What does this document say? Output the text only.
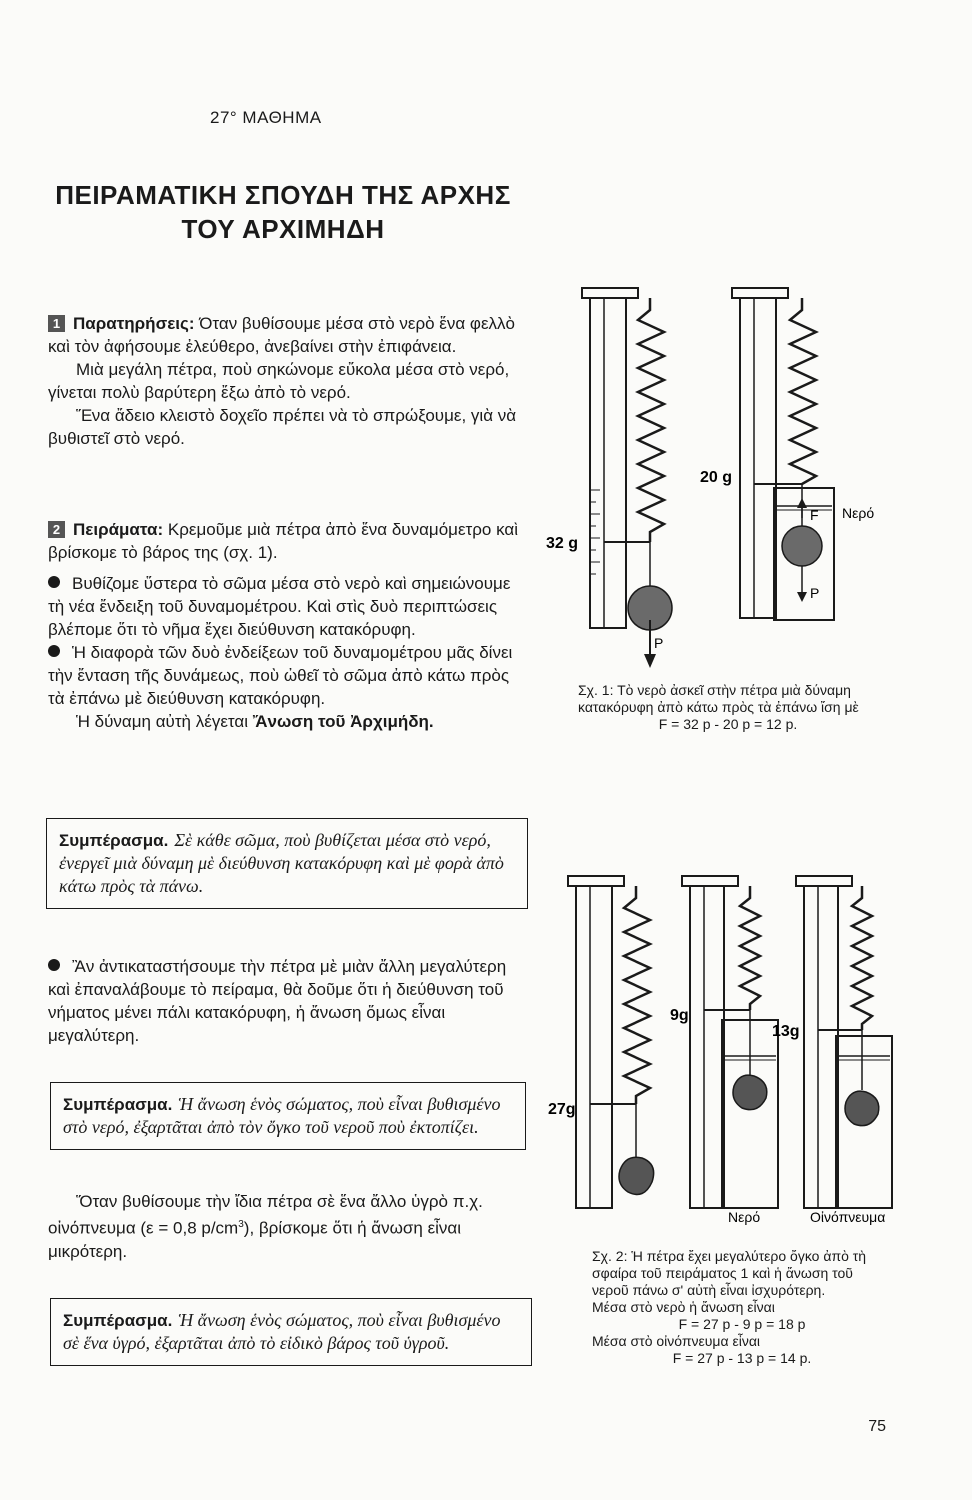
27° ΜΑΘΗΜΑ
ΠΕΙΡΑΜΑΤΙΚΗ ΣΠΟΥΔΗ ΤΗΣ ΑΡΧΗΣ
ΤΟΥ ΑΡΧΙΜΗΔΗ

1 Παρατηρήσεις: Όταν βυθίσουμε μέσα στὸ νερὸ ἕνα φελλὸ καὶ τὸν ἀφήσουμε ἐλεύθερο, ἀνεβαίνει στὴν ἐπιφάνεια.

Μιὰ μεγάλη πέτρα, ποὺ σηκώνομε εὔκολα μέσα στὸ νερό, γίνεται πολὺ βαρύτερη ἔξω ἀπὸ τὸ νερό.

Ἕνα ἄδειο κλειστὸ δοχεῖο πρέπει νὰ τὸ σπρώξουμε, γιὰ νὰ βυθιστεῖ στὸ νερό.

2 Πειράματα: Κρεμοῦμε μιὰ πέτρα ἀπὸ ἕνα δυναμόμετρο καὶ βρίσκομε τὸ βάρος της (σχ. 1).

Βυθίζομε ὕστερα τὸ σῶμα μέσα στὸ νερὸ καὶ σημειώνουμε τὴ νέα ἔνδειξη τοῦ δυναμομέτρου. Καὶ στὶς δυὸ περιπτώσεις βλέπομε ὅτι τὸ νῆμα ἔχει διεύθυνση κατακόρυφη.

Ἡ διαφορὰ τῶν δυὸ ἐνδείξεων τοῦ δυναμομέτρου μᾶς δίνει τὴν ἔνταση τῆς δυνάμεως, ποὺ ὠθεῖ τὸ σῶμα ἀπὸ κάτω πρὸς τὰ ἐπάνω μὲ διεύθυνση κατακόρυφη.

Ἡ δύναμη αὐτὴ λέγεται Ἄνωση τοῦ Ἀρχιμήδη.

Συμπέρασμα. Σὲ κάθε σῶμα, ποὺ βυθίζεται μέσα στὸ νερό, ἐνεργεῖ μιὰ δύναμη μὲ διεύθυνση κατακόρυφη καὶ μὲ φορὰ ἀπὸ κάτω πρὸς τὰ πάνω.

Ἂν ἀντικαταστήσουμε τὴν πέτρα μὲ μιὰν ἄλλη μεγαλύτερη καὶ ἐπαναλάβουμε τὸ πείραμα, θὰ δοῦμε ὅτι ἡ διεύθυνση τοῦ νήματος μένει πάλι κατακόρυφη, ἡ ἄνωση ὅμως εἶναι μεγαλύτερη.

Συμπέρασμα. Ἡ ἄνωση ἑνὸς σώματος, ποὺ εἶναι βυθισμένο στὸ νερό, ἐξαρτᾶται ἀπὸ τὸν ὄγκο τοῦ νεροῦ ποὺ ἐκτοπίζει.

Ὅταν βυθίσουμε τὴν ἴδια πέτρα σὲ ἕνα ἄλλο ὑγρὸ π.χ. οἰνόπνευμα (ε = 0,8 $p/cm^3$), βρίσκομε ὅτι ἡ ἄνωση εἶναι μικρότερη.

Συμπέρασμα. Ἡ ἄνωση ἑνὸς σώματος, ποὺ εἶναι βυθισμένο σὲ ἕνα ὑγρό, ἐξαρτᾶται ἀπὸ τὸ εἰδικὸ βάρος τοῦ ὑγροῦ.
32 g
P
20 g
F
P
Νερό
Σχ. 1: Τὸ νερὸ ἀσκεῖ στὴν πέτρα μιὰ δύναμη κατακόρυφη ἀπὸ κάτω πρὸς τὰ ἐπάνω ἴση μὲ
F = 32 p - 20 p = 12 p.
27g
9g
Νερό
13g
Οἰνόπνευμα
Σχ. 2: Ἡ πέτρα ἔχει μεγαλύτερο ὄγκο ἀπὸ τὴ σφαίρα τοῦ πειράματος 1 καὶ ἡ ἄνωση τοῦ νεροῦ πάνω σ' αὐτὴ εἶναι ἰσχυρότερη.
Μέσα στὸ νερὸ ἡ ἄνωση εἶναι
F = 27 p - 9 p = 18 p
Μέσα στὸ οἰνόπνευμα εἶναι
F = 27 p - 13 p = 14 p.
75
